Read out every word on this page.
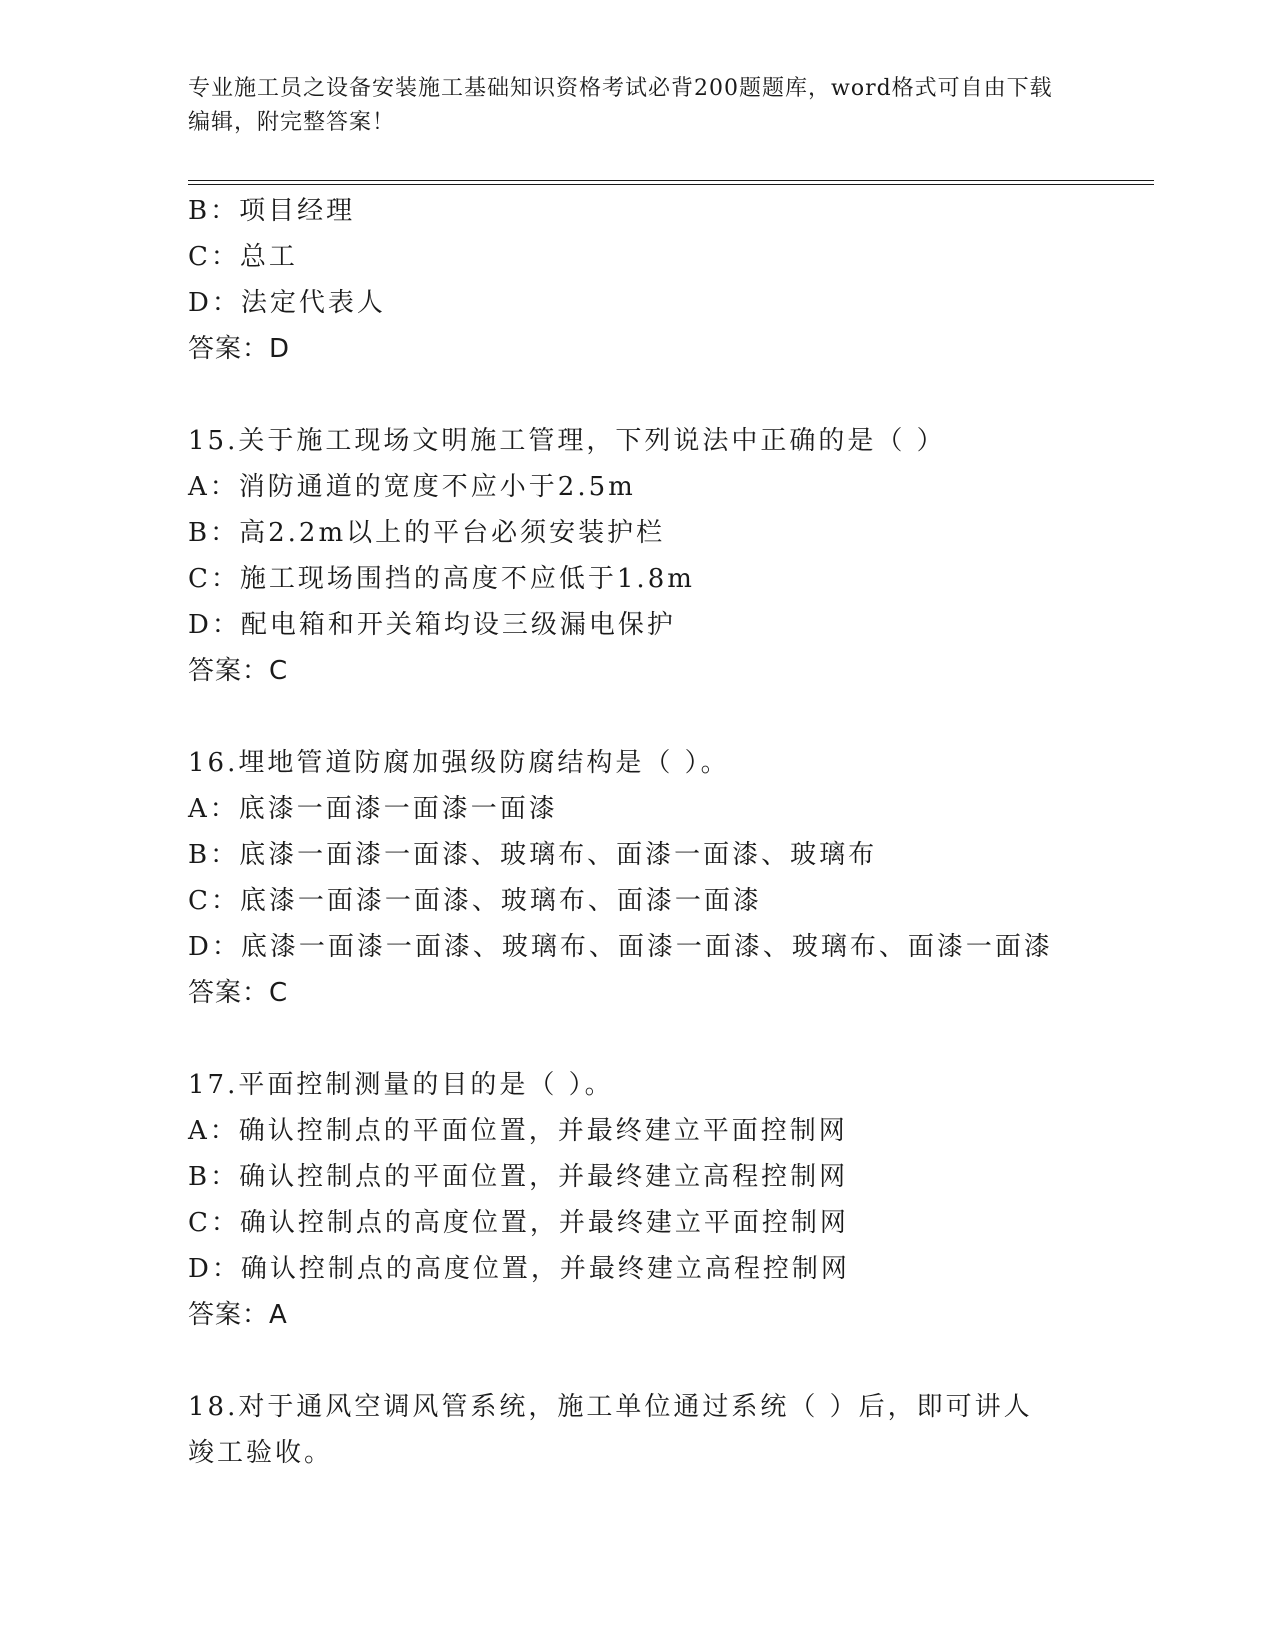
专业施工员之设备安装施工基础知识资格考试必背200题题库，word格式可自由下载编辑，附完整答案！
B：项目经理
C：总工
D：法定代表人
答案：D
15.关于施工现场文明施工管理，下列说法中正确的是（ ）
A：消防通道的宽度不应小于2.5m
B：高2.2m以上的平台必须安装护栏
C：施工现场围挡的高度不应低于1.8m
D：配电箱和开关箱均设三级漏电保护
答案：C
16.埋地管道防腐加强级防腐结构是（ ）。
A：底漆一面漆一面漆一面漆
B：底漆一面漆一面漆、玻璃布、面漆一面漆、玻璃布
C：底漆一面漆一面漆、玻璃布、面漆一面漆
D：底漆一面漆一面漆、玻璃布、面漆一面漆、玻璃布、面漆一面漆
答案：C
17.平面控制测量的目的是（ ）。
A：确认控制点的平面位置，并最终建立平面控制网
B：确认控制点的平面位置，并最终建立高程控制网
C：确认控制点的高度位置，并最终建立平面控制网
D：确认控制点的高度位置，并最终建立高程控制网
答案：A
18.对于通风空调风管系统，施工单位通过系统（ ）后，即可讲人竣工验收。
